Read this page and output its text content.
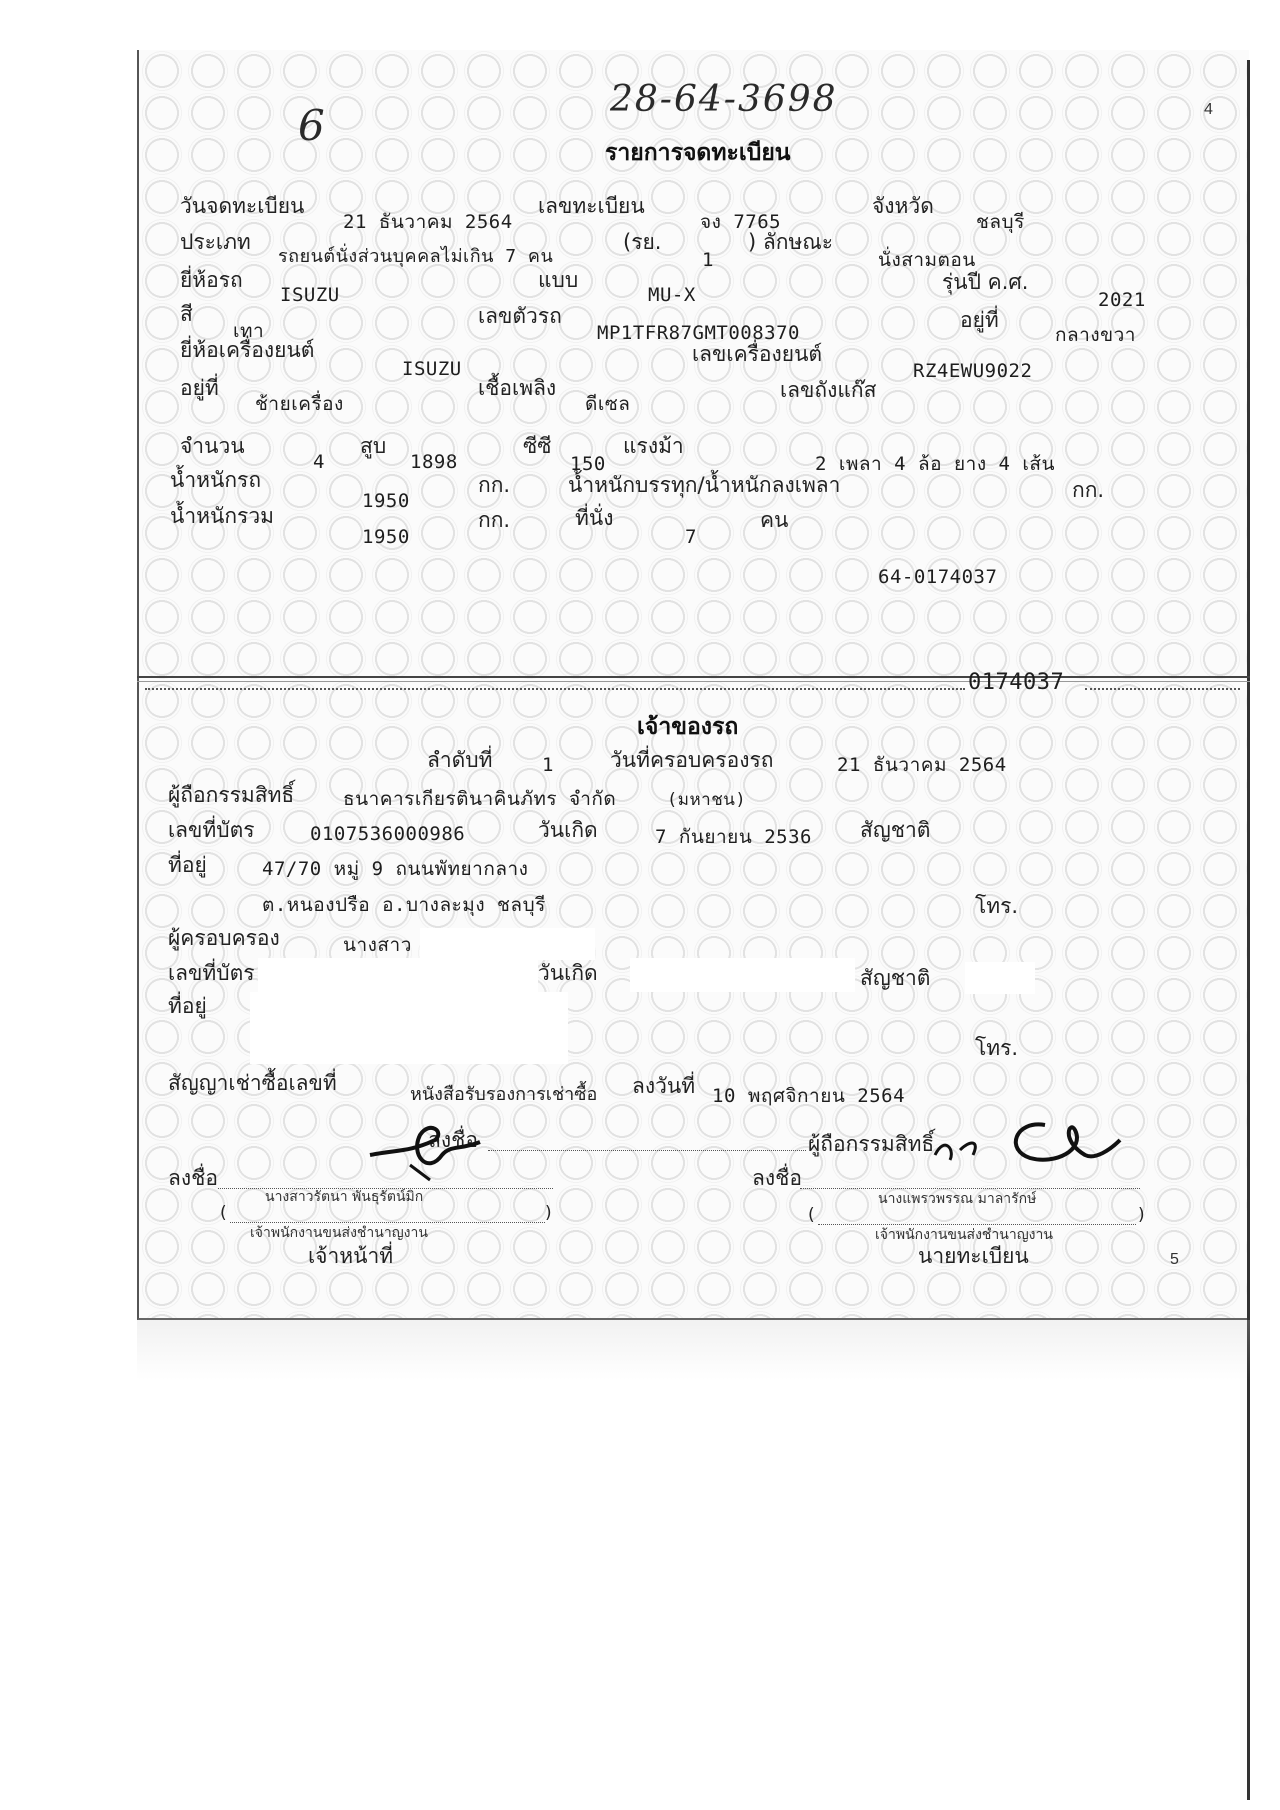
6
28-64-3698	4
รายการจดทะเบียน
วันจดทะเบียน
21 ธันวาคม 2564
เลขทะเบียน
จง 7765
จังหวัด
ชลบุรี
ประเภท
รถยนต์นั่งส่วนบุคคลไม่เกิน 7 คน
(รย.
1
) ลักษณะ
นั่งสามตอน
ยี่ห้อรถ
ISUZU
แบบ
MU-X
รุ่นปี ค.ศ.
2021
สี
เทา
เลขตัวรถ
MP1TFR87GMT008370
อยู่ที่
กลางขวา
ยี่ห้อเครื่องยนต์	เลขเครื่องยนต์
ISUZU	RZ4EWU9022
อยู่ที่
ช้ายเครื่อง
เชื้อเพลิง
ดีเซล
เลขถังแก๊ส
จำนวน
4
สูบ
1898
ซีซี
150
แรงม้า
2 เพลา 4 ล้อ ยาง 4 เส้น
น้ำหนักรถ
1950
กก.	น้ำหนักบรรทุก/น้ำหนักลงเพลา	กก.
น้ำหนักรวม
1950
กก.	ที่นั่ง
7
คน
64-0174037
0174037
เจ้าของรถ
ลำดับที่	1	วันที่ครอบครองรถ	21 ธันวาคม 2564
ผู้ถือกรรมสิทธิ์	ธนาคารเกียรตินาคินภัทร จำกัด	(มหาชน)
เลขที่บัตร	0107536000986	วันเกิด	7 กันยายน 2536 สัญชาติ
ที่อยู่	47/70 หมู่ 9 ถนนพัทยากลาง
ต.หนองปรือ อ.บางละมุง ชลบุรี	โทร.
ผู้ครอบครอง	นางสาว
เลขที่บัตร	วันเกิด	สัญชาติ
ที่อยู่
โทร.
สัญญาเช่าซื้อเลขที่	หนังสือรับรองการเช่าซื้อ ลงวันที่ 10 พฤศจิกายน 2564
ลงชื่อ	ผู้ถือกรรมสิทธิ์
ลงชื่อ
นางสาวรัตนา พันธุรัตน์มิก
(	)
เจ้าพนักงานขนส่งชำนาญงาน
เจ้าหน้าที่
ลงชื่อ
นางแพรวพรรณ มาลารักษ์
(	)
เจ้าพนักงานขนส่งชำนาญงาน
นายทะเบียน	5
